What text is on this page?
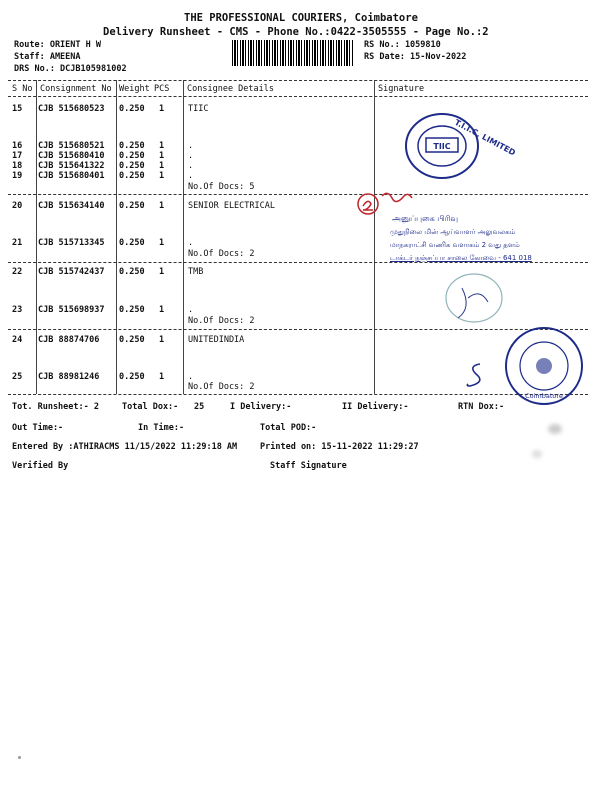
THE PROFESSIONAL COURIERS, Coimbatore
Delivery Runsheet - CMS - Phone No.:0422-3505555 - Page No.:2
Route: ORIENT H W
Staff: AMEENA
DRS No.: DCJB105981002
RS No.: 1059810
RS Date: 15-Nov-2022
S No Consignment No Weight PCS Consignee Details	Signature
15 CJB 515680523 0.250 1	TIIC
16 CJB 515680521 0.250 1	.
17 CJB 515680410 0.250 1	.
18 CJB 515641322 0.250 1	.
19 CJB 515680401 0.250 1	.
No.Of Docs: 5
20 CJB 515634140 0.250 1	SENIOR ELECTRICAL
21 CJB 515713345 0.250 1	.
No.Of Docs: 2
22 CJB 515742437 0.250 1	TMB
23 CJB 515698937 0.250 1	.
No.Of Docs: 2
24 CJB 88874706 0.250 1	UNITEDINDIA
25 CJB 88981246 0.250 1	.
No.Of Docs: 2
TIIC T.I.I.C. LIMITED
அனுப்புகை பிரிவு
முதுநிலை மின் ஆய்வாளர் அலுவலகம்
மாநகராட்சி வணிக வளாகம் 2 வது தளம்
டாக்டர் நஞ்சப்பா சாலை கோவை - 641 018
Coimbatore
Tot. Runsheet:- 2	Total Dox:- 25	I Delivery:-	II Delivery:-	RTN Dox:-
Out Time:-	In Time:-	Total POD:-
Entered By :ATHIRACMS 11/15/2022 11:29:18 AM	Printed on: 15-11-2022 11:29:27
Verified By	Staff Signature
